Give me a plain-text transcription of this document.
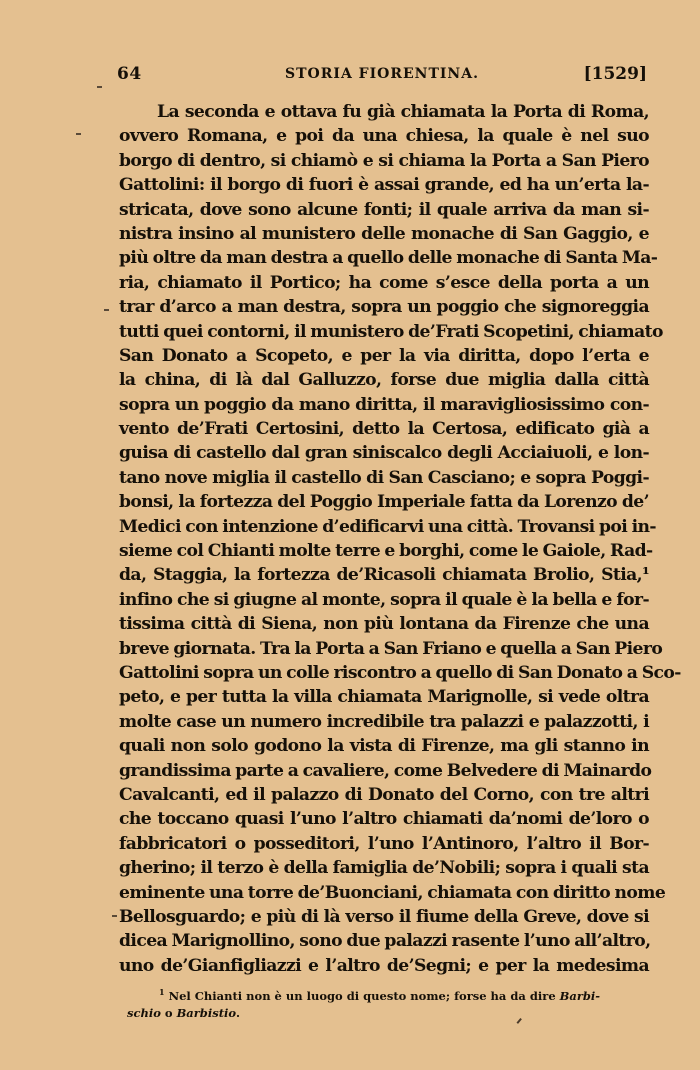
64	STORIA FIORENTINA.	[1529]
La seconda e ottava fu già chiamata la Porta di Roma,
ovvero Romana, e poi da una chiesa, la quale è nel suo
borgo di dentro, si chiamò e si chiama la Porta a San Piero
Gattolini: il borgo di fuori è assai grande, ed ha un’erta la-
stricata, dove sono alcune fonti; il quale arriva da man si-
nistra insino al munistero delle monache di San Gaggio, e
più oltre da man destra a quello delle monache di Santa Ma-
ria, chiamato il Portico; ha come s’esce della porta a un
trar d’arco a man destra, sopra un poggio che signoreggia
tutti quei contorni, il munistero de’Frati Scopetini, chiamato
San Donato a Scopeto, e per la via diritta, dopo l’erta e
la china, di là dal Galluzzo, forse due miglia dalla città
sopra un poggio da mano diritta, il maravigliosissimo con-
vento de’Frati Certosini, detto la Certosa, edificato già a
guisa di castello dal gran siniscalco degli Acciaiuoli, e lon-
tano nove miglia il castello di San Casciano; e sopra Poggi-
bonsi, la fortezza del Poggio Imperiale fatta da Lorenzo de’
Medici con intenzione d’edificarvi una città. Trovansi poi in-
sieme col Chianti molte terre e borghi, come le Gaiole, Rad-
da, Staggia, la fortezza de’Ricasoli chiamata Brolio, Stia,¹
infino che si giugne al monte, sopra il quale è la bella e for-
tissima città di Siena, non più lontana da Firenze che una
breve giornata. Tra la Porta a San Friano e quella a San Piero
Gattolini sopra un colle riscontro a quello di San Donato a Sco-
peto, e per tutta la villa chiamata Marignolle, si vede oltra
molte case un numero incredibile tra palazzi e palazzotti, i
quali non solo godono la vista di Firenze, ma gli stanno in
grandissima parte a cavaliere, come Belvedere di Mainardo
Cavalcanti, ed il palazzo di Donato del Corno, con tre altri
che toccano quasi l’uno l’altro chiamati da’nomi de’loro o
fabbricatori o posseditori, l’uno l’Antinoro, l’altro il Bor-
gherino; il terzo è della famiglia de’Nobili; sopra i quali sta
eminente una torre de’Buonciani, chiamata con diritto nome
Bellosguardo; e più di là verso il fiume della Greve, dove si
dicea Marignollino, sono due palazzi rasente l’uno all’altro,
uno de’Gianfigliazzi e l’altro de’Segni; e per la medesima
$^1$ Nel Chianti non è un luogo di questo nome; forse ha da dire Barbi-
schio o Barbistio.
